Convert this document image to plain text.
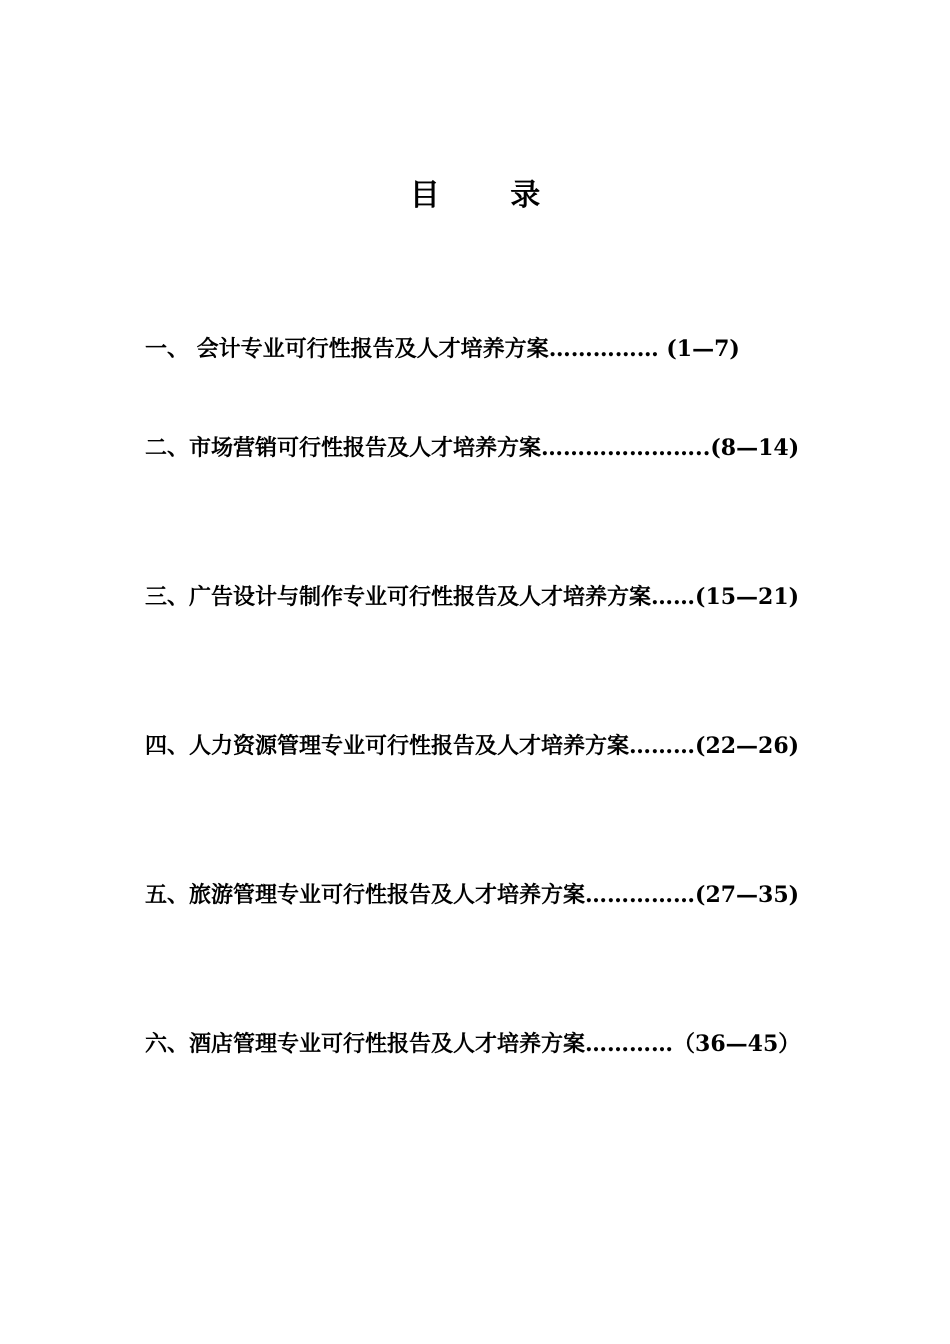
目 录
一、 会计专业可行性报告及人才培养方案…………… (1—7)
二、市场营销可行性报告及人才培养方案…………………..(8—14)
三、广告设计与制作专业可行性报告及人才培养方案……(15—21)
四、人力资源管理专业可行性报告及人才培养方案………(22—26)
五、旅游管理专业可行性报告及人才培养方案……………(27—35)
六、酒店管理专业可行性报告及人才培养方案…………（36—45）
